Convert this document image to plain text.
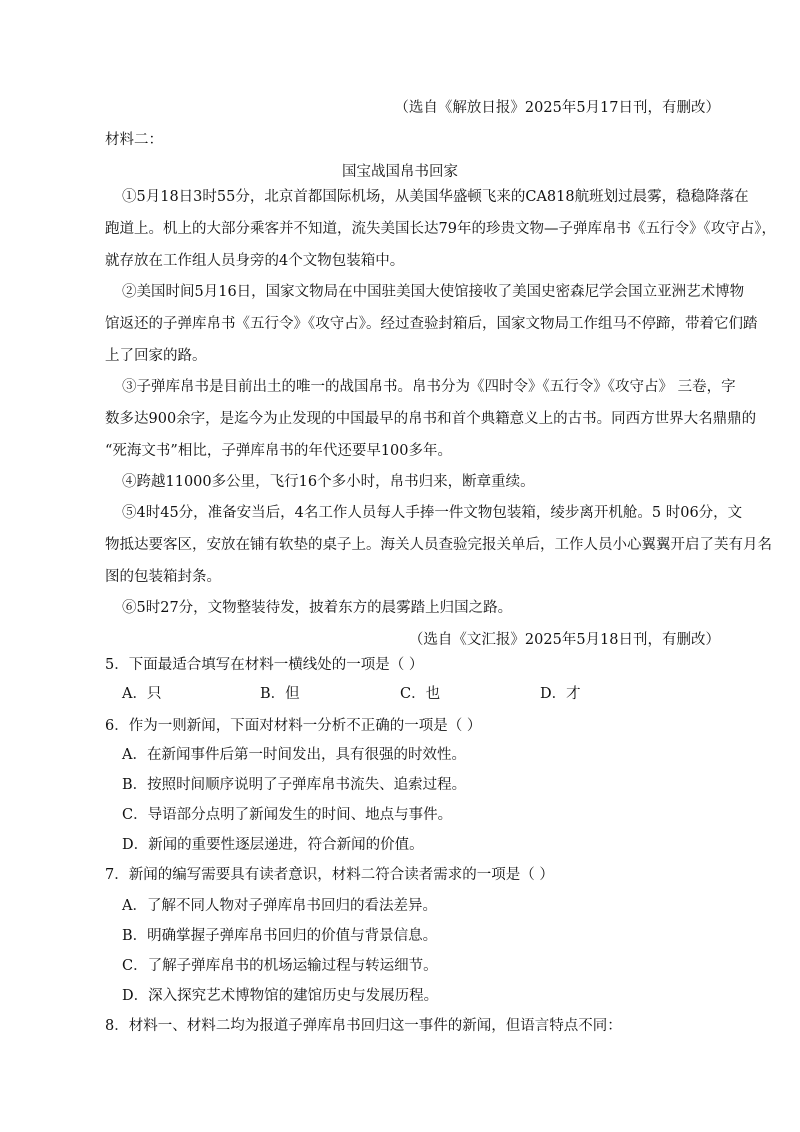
（选自《解放日报》2025年5月17日刊，有删改）

材料二：

国宝战国帛书回家

①5月18日3时55分，北京首都国际机场，从美国华盛顿飞来的CA818航班划过晨雾，稳稳降落在

跑道上。机上的大部分乘客并不知道，流失美国长达79年的珍贵文物—子弹库帛书《五行令》《攻守占》，

就存放在工作组人员身旁的4个文物包装箱中。

②美国时间5月16日，国家文物局在中国驻美国大使馆接收了美国史密森尼学会国立亚洲艺术博物

馆返还的子弹库帛书《五行令》《攻守占》。经过查验封箱后，国家文物局工作组马不停蹄，带着它们踏

上了回家的路。

③子弹库帛书是目前出土的唯一的战国帛书。帛书分为《四时令》《五行令》《攻守占》 三卷，字

数多达900余字，是迄今为止发现的中国最早的帛书和首个典籍意义上的古书。同西方世界大名鼎鼎的

“死海文书”相比，子弹库帛书的年代还要早100多年。

④跨越11000多公里，飞行16个多小时，帛书归来，断章重续。

⑤4时45分，准备安当后，4名工作人员每人手捧一件文物包装箱，绫步离开机舱。5 时06分，文

物抵达要客区，安放在铺有软垫的桌子上。海关人员查验完报关单后，工作人员小心翼翼开启了芙有月名

图的包装箱封条。

⑥5时27分，文物整装待发，披着东方的晨雾踏上归国之路。

（选自《文汇报》2025年5月18日刊，有删改）

5．下面最适合填写在材料一横线处的一项是（ ）

A．只	B．但	C．也	D．才

6．作为一则新闻，下面对材料一分析不正确的一项是（ ）

A．在新闻事件后第一时间发出，具有很强的时效性。

B．按照时间顺序说明了子弹库帛书流失、追索过程。

C．导语部分点明了新闻发生的时间、地点与事件。

D．新闻的重要性逐层递进，符合新闻的价值。

7．新闻的编写需要具有读者意识，材料二符合读者需求的一项是（ ）

A．了解不同人物对子弹库帛书回归的看法差异。

B．明确掌握子弹库帛书回归的价值与背景信息。

C．了解子弹库帛书的机场运输过程与转运细节。

D．深入探究艺术博物馆的建馆历史与发展历程。

8．材料一、材料二均为报道子弹库帛书回归这一事件的新闻，但语言特点不同：
